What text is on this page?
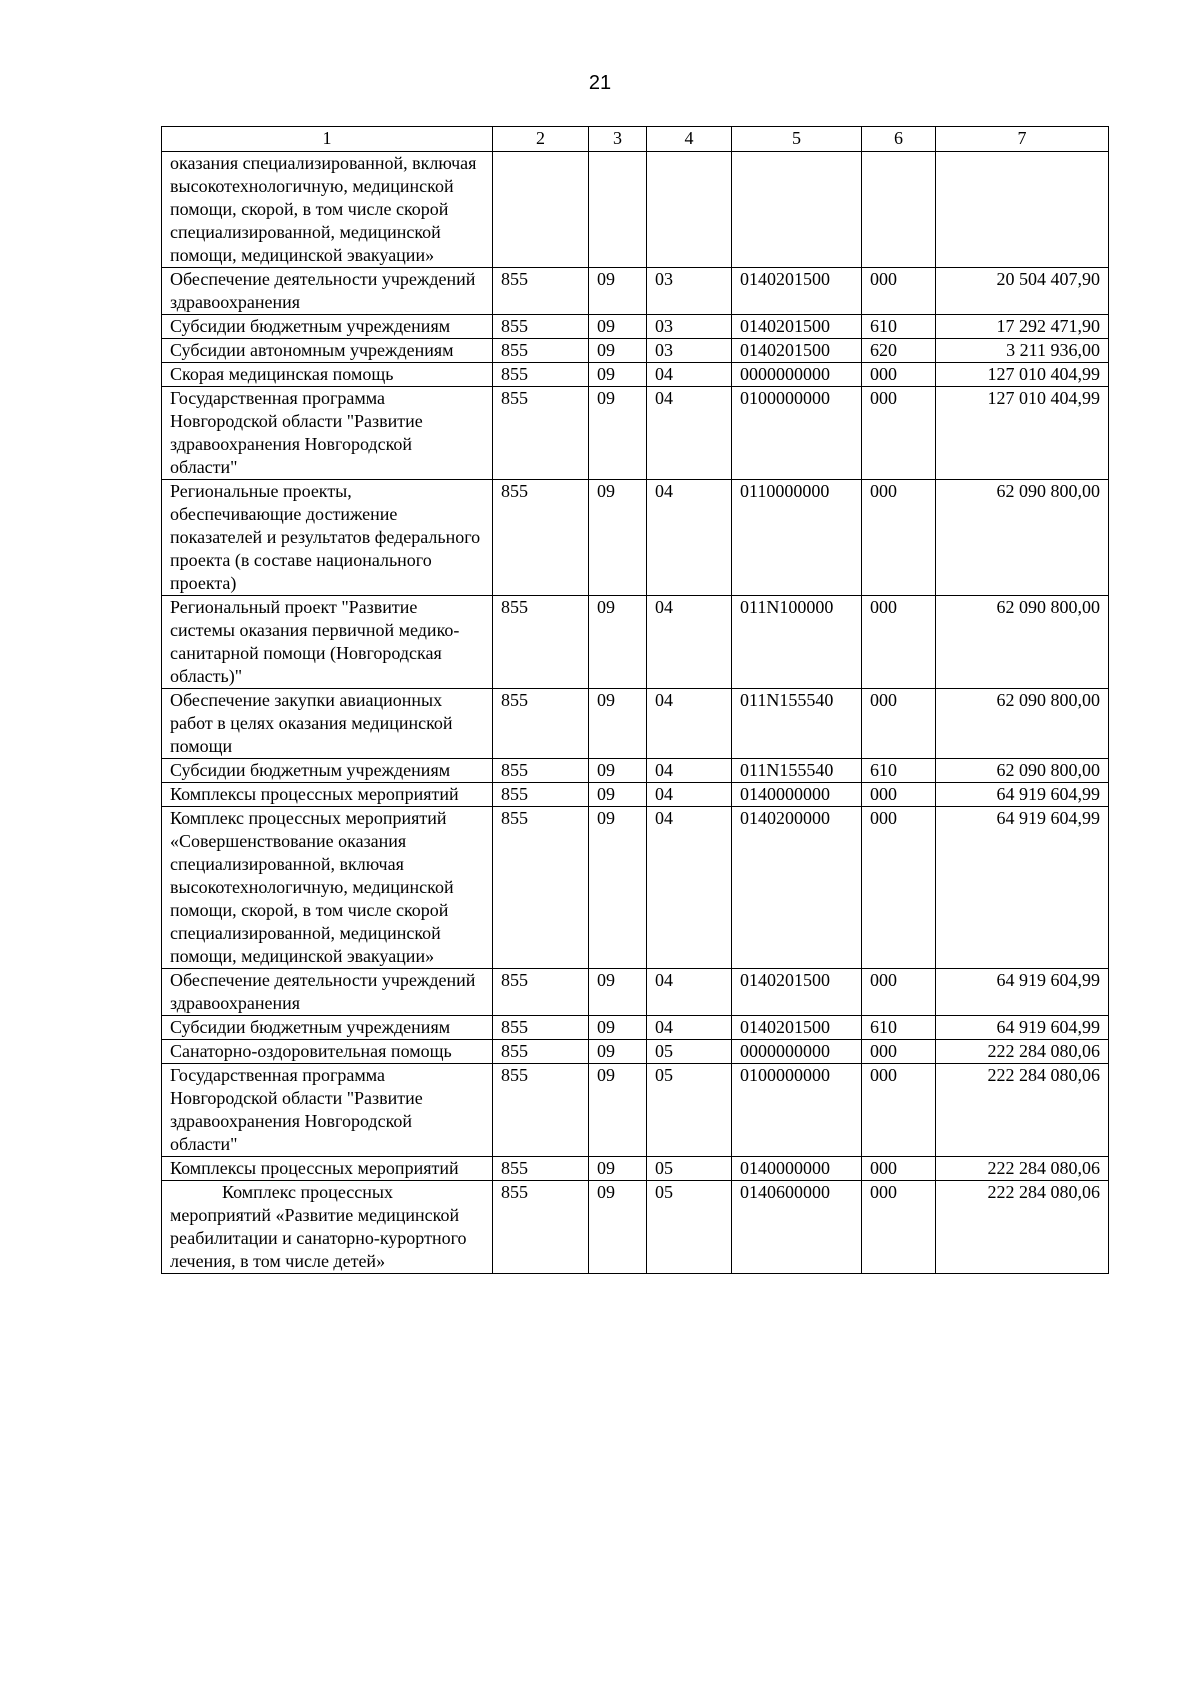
21
1	2	3	4	5	6	7
оказания специализированной, включая высокотехнологичную, медицинской помощи, скорой, в том числе скорой специализированной, медицинской помощи, медицинской эвакуации»						
Обеспечение деятельности учреждений здравоохранения	855	09	03	0140201500	000	20 504 407,90
Субсидии бюджетным учреждениям	855	09	03	0140201500	610	17 292 471,90
Субсидии автономным учреждениям	855	09	03	0140201500	620	3 211 936,00
Скорая медицинская помощь	855	09	04	0000000000	000	127 010 404,99
Государственная программа Новгородской области "Развитие здравоохранения Новгородской области"	855	09	04	0100000000	000	127 010 404,99
Региональные проекты, обеспечивающие достижение показателей и результатов федерального проекта (в составе национального проекта)	855	09	04	0110000000	000	62 090 800,00
Региональный проект "Развитие системы оказания первичной медико-санитарной помощи (Новгородская область)"	855	09	04	011N100000	000	62 090 800,00
Обеспечение закупки авиационных работ в целях оказания медицинской помощи	855	09	04	011N155540	000	62 090 800,00
Субсидии бюджетным учреждениям	855	09	04	011N155540	610	62 090 800,00
Комплексы процессных мероприятий	855	09	04	0140000000	000	64 919 604,99
Комплекс процессных мероприятий «Совершенствование оказания специализированной, включая высокотехнологичную, медицинской помощи, скорой, в том числе скорой специализированной, медицинской помощи, медицинской эвакуации»	855	09	04	0140200000	000	64 919 604,99
Обеспечение деятельности учреждений здравоохранения	855	09	04	0140201500	000	64 919 604,99
Субсидии бюджетным учреждениям	855	09	04	0140201500	610	64 919 604,99
Санаторно-оздоровительная помощь	855	09	05	0000000000	000	222 284 080,06
Государственная программа Новгородской области "Развитие здравоохранения Новгородской области"	855	09	05	0100000000	000	222 284 080,06
Комплексы процессных мероприятий	855	09	05	0140000000	000	222 284 080,06
Комплекс процессных мероприятий «Развитие медицинской реабилитации и санаторно-курортного лечения, в том числе детей»	855	09	05	0140600000	000	222 284 080,06
